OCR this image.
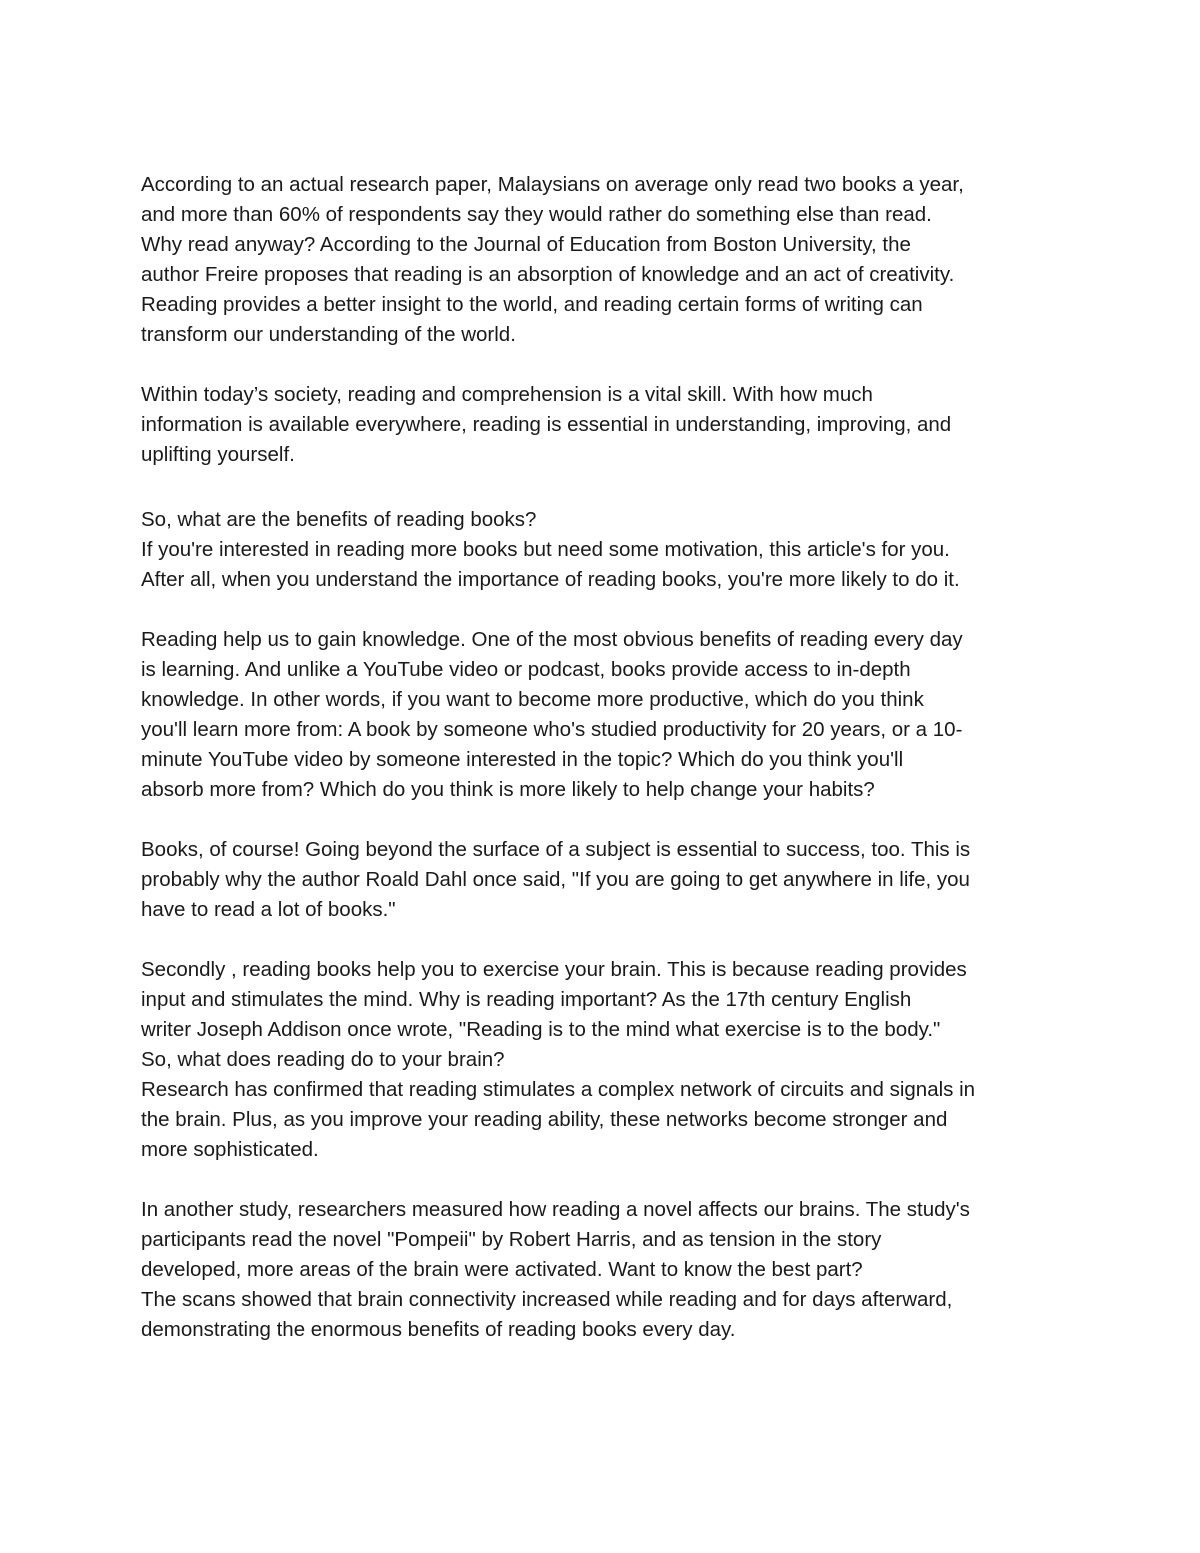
According to an actual research paper, Malaysians on average only read two books a year,
and more than 60% of respondents say they would rather do something else than read.
Why read anyway? According to the Journal of Education from Boston University, the
author Freire proposes that reading is an absorption of knowledge and an act of creativity.
Reading provides a better insight to the world, and reading certain forms of writing can
transform our understanding of the world.
Within today’s society, reading and comprehension is a vital skill. With how much
information is available everywhere, reading is essential in understanding, improving, and
uplifting yourself.
So, what are the benefits of reading books?
If you're interested in reading more books but need some motivation, this article's for you.
After all, when you understand the importance of reading books, you're more likely to do it.
Reading help us to gain knowledge. One of the most obvious benefits of reading every day
is learning. And unlike a YouTube video or podcast, books provide access to in-depth
knowledge. In other words, if you want to become more productive, which do you think
you'll learn more from: A book by someone who's studied productivity for 20 years, or a 10-
minute YouTube video by someone interested in the topic? Which do you think you'll
absorb more from? Which do you think is more likely to help change your habits?
Books, of course! Going beyond the surface of a subject is essential to success, too. This is
probably why the author Roald Dahl once said, "If you are going to get anywhere in life, you
have to read a lot of books."
Secondly , reading books help you to exercise your brain. This is because reading provides
input and stimulates the mind. Why is reading important? As the 17th century English
writer Joseph Addison once wrote, "Reading is to the mind what exercise is to the body."
So, what does reading do to your brain?
Research has confirmed that reading stimulates a complex network of circuits and signals in
the brain. Plus, as you improve your reading ability, these networks become stronger and
more sophisticated.
In another study, researchers measured how reading a novel affects our brains. The study's
participants read the novel "Pompeii" by Robert Harris, and as tension in the story
developed, more areas of the brain were activated. Want to know the best part?
The scans showed that brain connectivity increased while reading and for days afterward,
demonstrating the enormous benefits of reading books every day.
